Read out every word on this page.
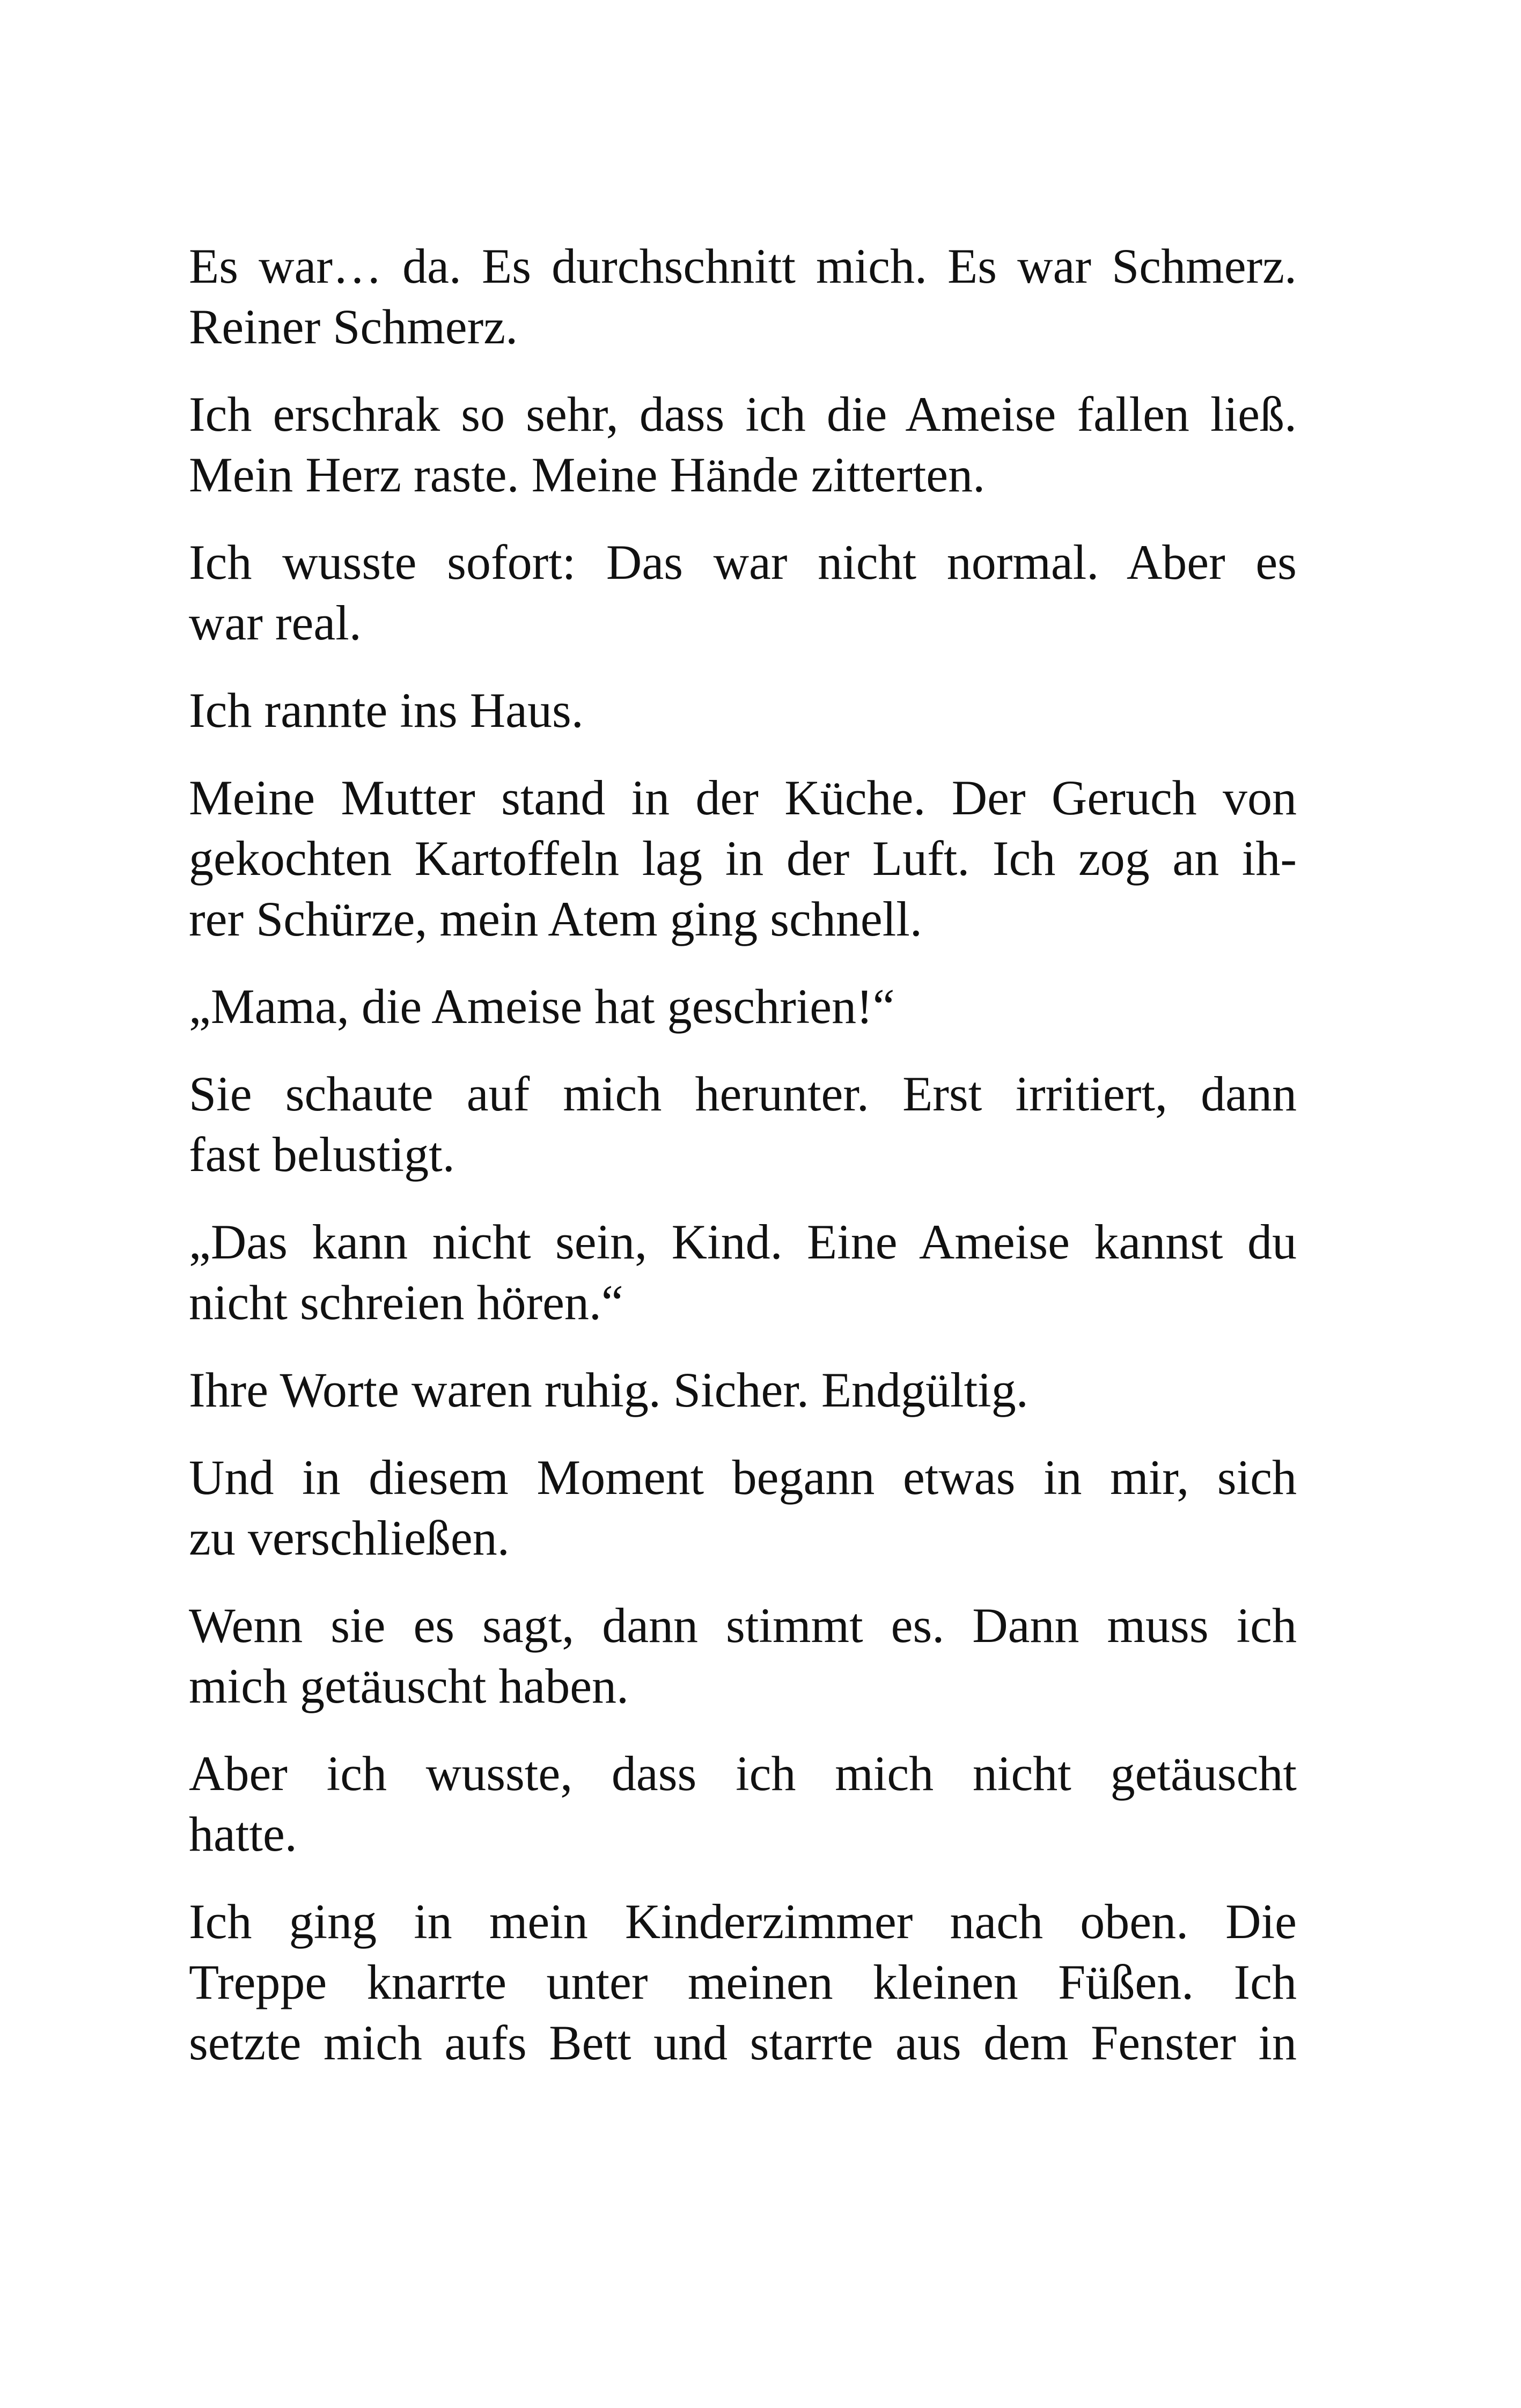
Es war… da. Es durchschnitt mich. Es war Schmerz.
Reiner Schmerz.

Ich erschrak so sehr, dass ich die Ameise fallen ließ.
Mein Herz raste. Meine Hände zitterten.

Ich wusste sofort: Das war nicht normal. Aber es
war real.

Ich rannte ins Haus.

Meine Mutter stand in der Küche. Der Geruch von
gekochten Kartoffeln lag in der Luft. Ich zog an ih-
rer Schürze, mein Atem ging schnell.

„Mama, die Ameise hat geschrien!“

Sie schaute auf mich herunter. Erst irritiert, dann
fast belustigt.

„Das kann nicht sein, Kind. Eine Ameise kannst du
nicht schreien hören.“

Ihre Worte waren ruhig. Sicher. Endgültig.

Und in diesem Moment begann etwas in mir, sich
zu verschließen.

Wenn sie es sagt, dann stimmt es. Dann muss ich
mich getäuscht haben.

Aber ich wusste, dass ich mich nicht getäuscht
hatte.

Ich ging in mein Kinderzimmer nach oben. Die
Treppe knarrte unter meinen kleinen Füßen. Ich
setzte mich aufs Bett und starrte aus dem Fenster in
